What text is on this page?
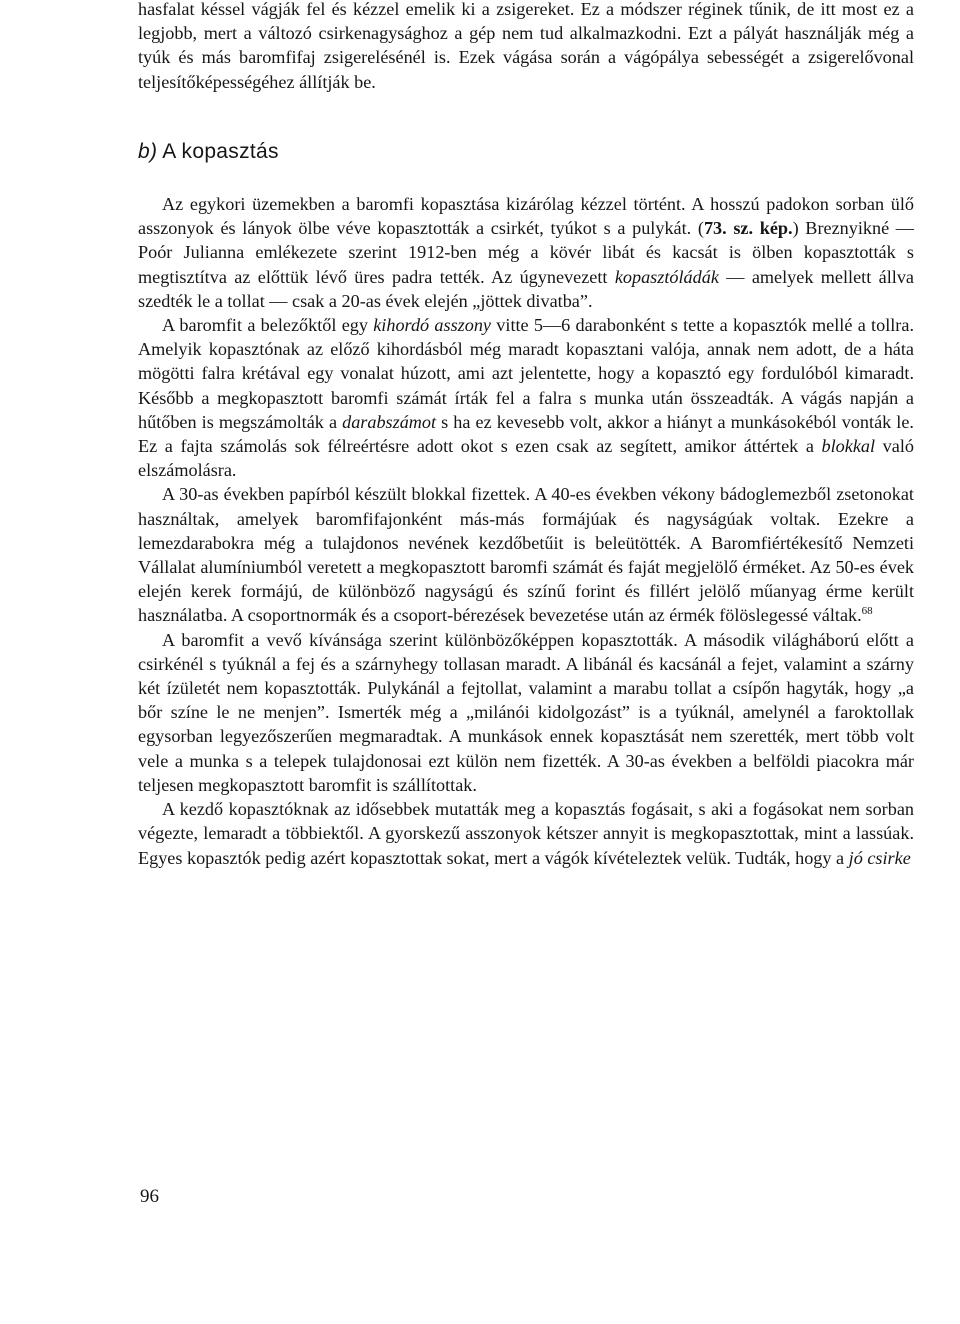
hasfalat késsel vágják fel és kézzel emelik ki a zsigereket. Ez a módszer réginek tűnik, de itt most ez a legjobb, mert a változó csirkenagysághoz a gép nem tud alkalmazkodni. Ezt a pályát használják még a tyúk és más baromfifaj zsigerelésénél is. Ezek vágása során a vágópálya sebességét a zsigerelővonal teljesítőképességéhez állítják be.

b) A kopasztás

Az egykori üzemekben a baromfi kopasztása kizárólag kézzel történt. A hosszú padokon sorban ülő asszonyok és lányok ölbe véve kopasztották a csirkét, tyúkot s a pulykát. (73. sz. kép.) Breznyikné — Poór Julianna emlékezete szerint 1912-ben még a kövér libát és kacsát is ölben kopasztották s megtisztítva az előttük lévő üres padra tették. Az úgynevezett kopasztóládák — amelyek mellett állva szedték le a tollat — csak a 20-as évek elején „jöttek divatba”.

A baromfit a belezőktől egy kihordó asszony vitte 5—6 darabonként s tette a kopasztók mellé a tollra. Amelyik kopasztónak az előző kihordásból még maradt kopasztani valója, annak nem adott, de a háta mögötti falra krétával egy vonalat húzott, ami azt jelentette, hogy a kopasztó egy fordulóból kimaradt. Később a megkopasztott baromfi számát írták fel a falra s munka után összeadták. A vágás napján a hűtőben is megszámolták a darabszámot s ha ez kevesebb volt, akkor a hiányt a munkásokéból vonták le. Ez a fajta számolás sok félreértésre adott okot s ezen csak az segített, amikor áttértek a blokkal való elszámolásra.

A 30-as években papírból készült blokkal fizettek. A 40-es években vékony bádoglemezből zsetonokat használtak, amelyek baromfifajonként más-más formájúak és nagyságúak voltak. Ezekre a lemezdarabokra még a tulajdonos nevének kezdőbetűit is beleütötték. A Baromfiértékesítő Nemzeti Vállalat alumíniumból veretett a megkopasztott baromfi számát és faját megjelölő érméket. Az 50-es évek elején kerek formájú, de különböző nagyságú és színű forint és fillért jelölő műanyag érme került használatba. A csoportnormák és a csoport-bérezések bevezetése után az érmék fölöslegessé váltak.$^{68}$

A baromfit a vevő kívánsága szerint különbözőképpen kopasztották. A második világháború előtt a csirkénél s tyúknál a fej és a szárnyhegy tollasan maradt. A libánál és kacsánál a fejet, valamint a szárny két ízületét nem kopasztották. Pulykánál a fejtollat, valamint a marabu tollat a csípőn hagyták, hogy „a bőr színe le ne menjen”. Ismerték még a „milánói kidolgozást” is a tyúknál, amelynél a faroktollak egysorban legyezőszerűen megmaradtak. A munkások ennek kopasztását nem szerették, mert több volt vele a munka s a telepek tulajdonosai ezt külön nem fizették. A 30-as években a belföldi piacokra már teljesen megkopasztott baromfit is szállítottak.

A kezdő kopasztóknak az idősebbek mutatták meg a kopasztás fogásait, s aki a fogásokat nem sorban végezte, lemaradt a többiektől. A gyorskezű asszonyok kétszer annyit is megkopasztottak, mint a lassúak. Egyes kopasztók pedig azért kopasztottak sokat, mert a vágók kívételeztek velük. Tudták, hogy a jó csirke

96
